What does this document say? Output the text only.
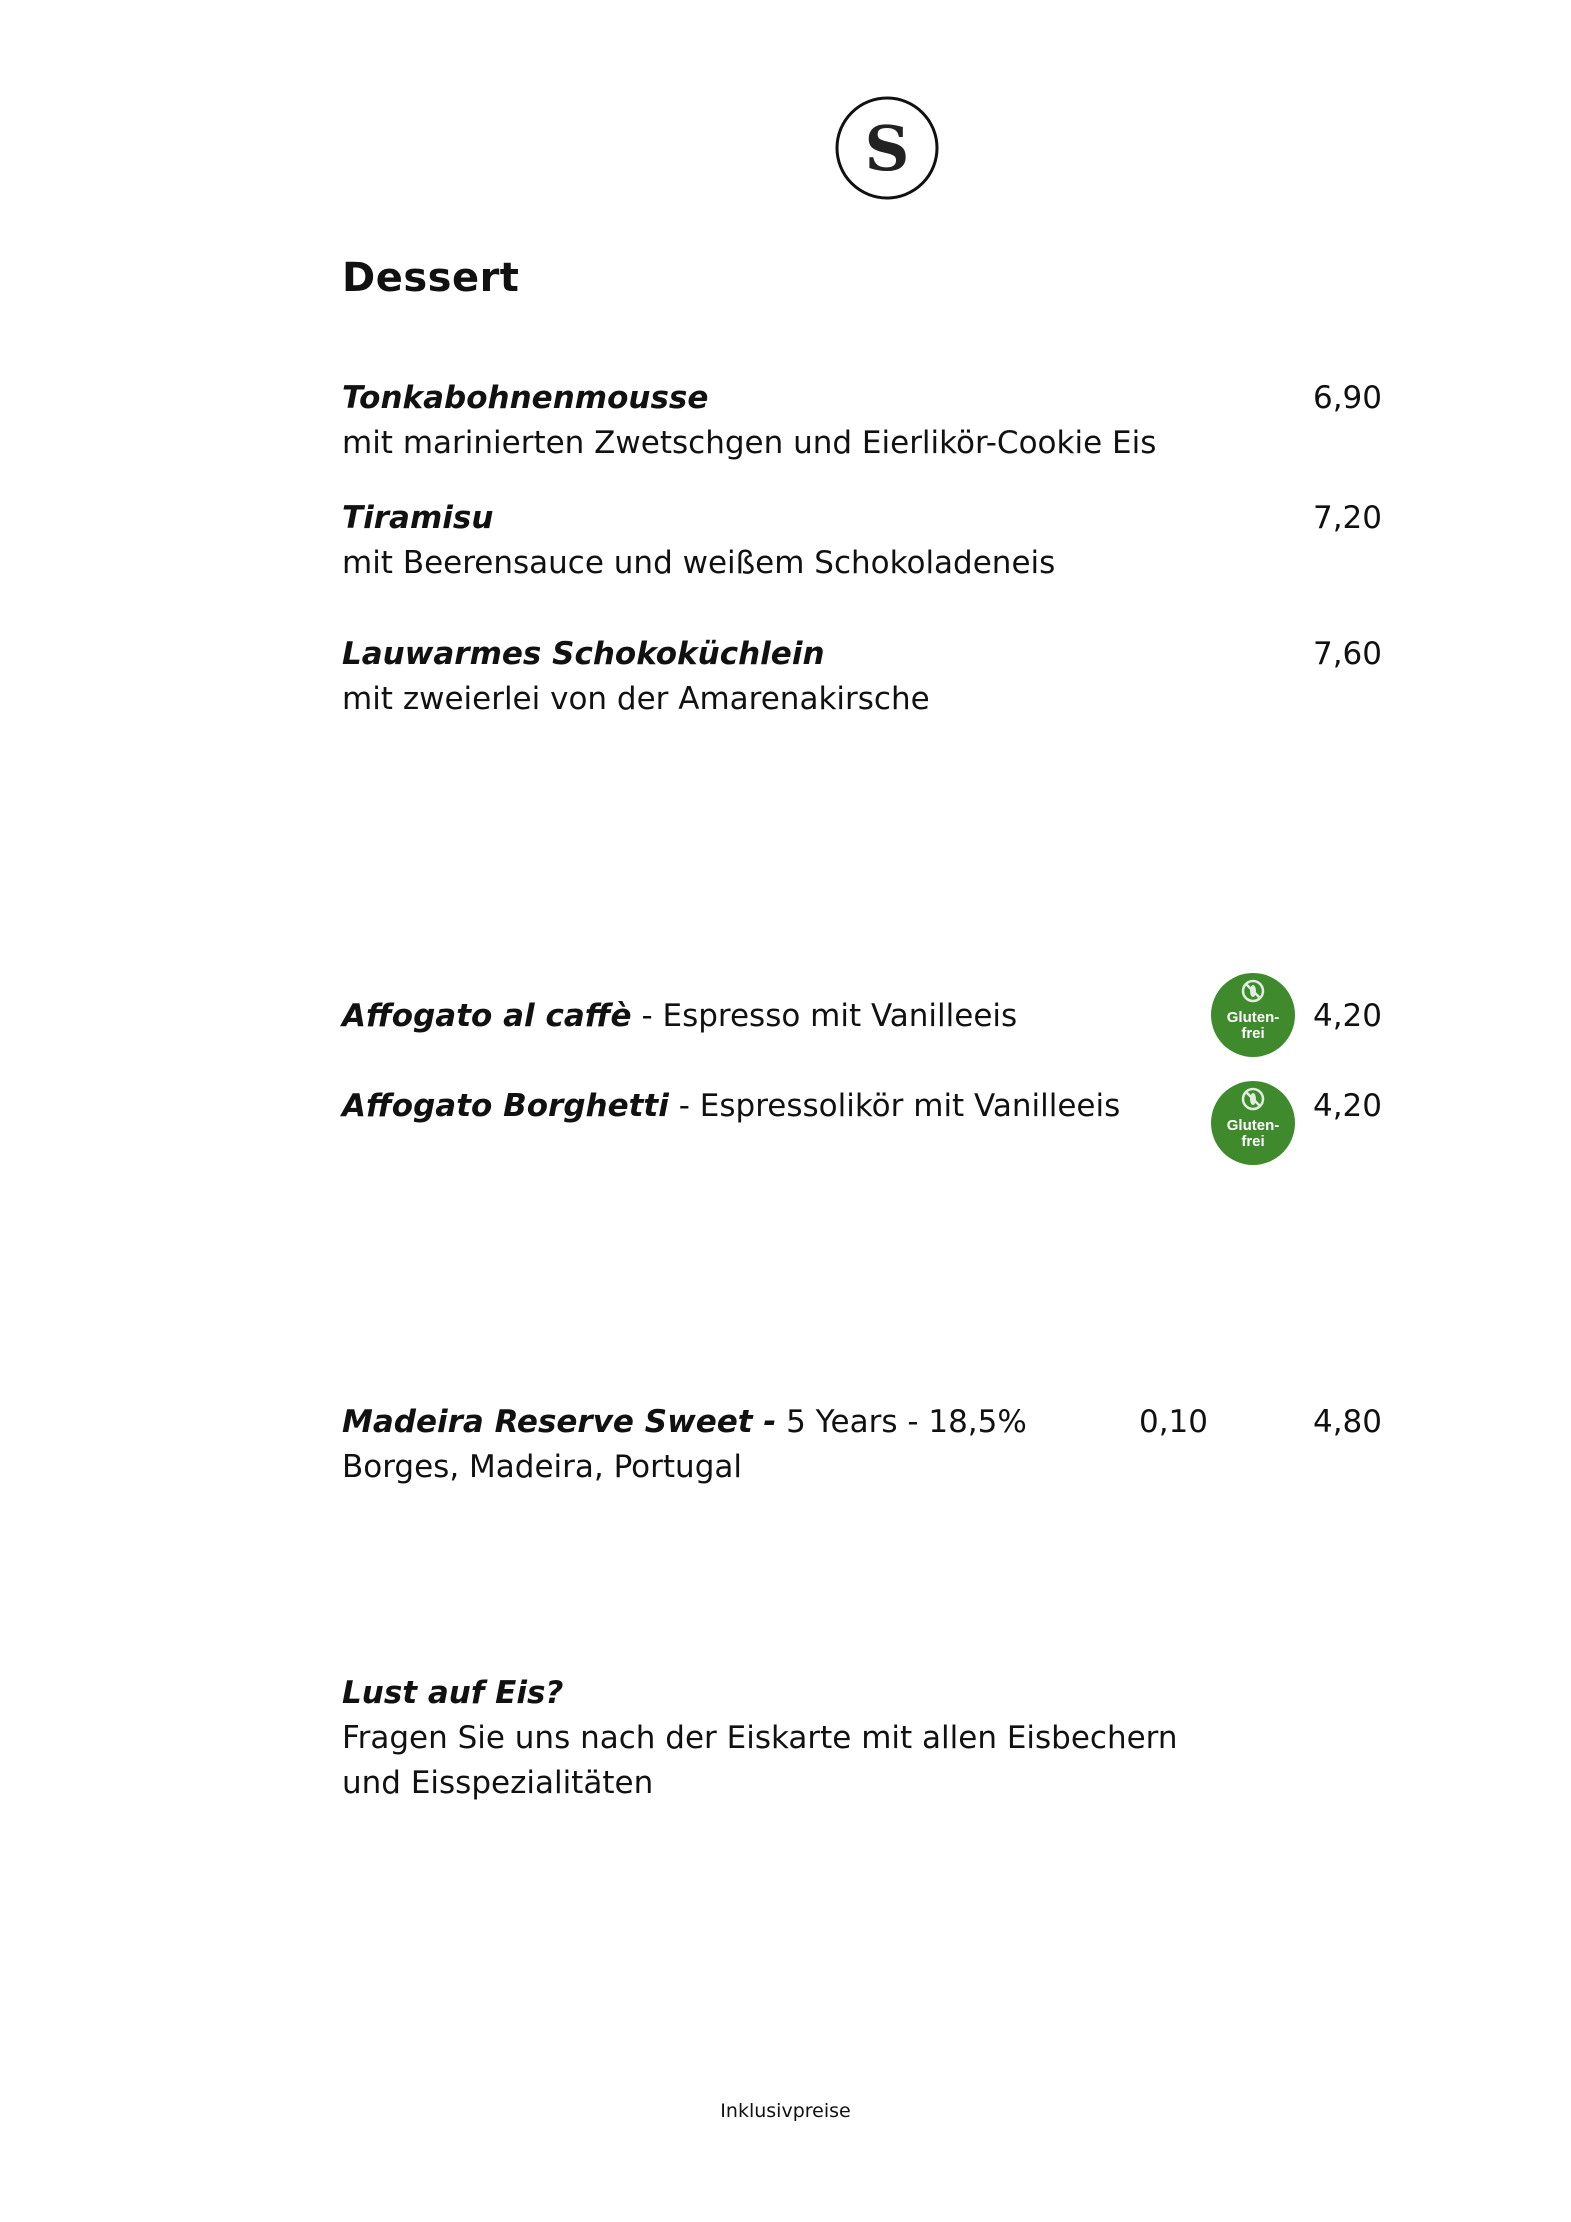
S
Dessert
Tonkabohnenmousse
mit marinierten Zwetschgen und Eierlikör-Cookie Eis
6,90
Tiramisu
mit Beerensauce und weißem Schokoladeneis
7,20
Lauwarmes Schokoküchlein
mit zweierlei von der Amarenakirsche
7,60
Affogato al caffè - Espresso mit Vanilleeis	Gluten-
frei 4,20
Affogato Borghetti - Espressolikör mit Vanilleeis
Gluten-
frei
4,20
Madeira Reserve Sweet - 5 Years - 18,5%
Borges, Madeira, Portugal
0,10	4,80
Lust auf Eis?
Fragen Sie uns nach der Eiskarte mit allen Eisbechern
und Eisspezialitäten
Inklusivpreise
